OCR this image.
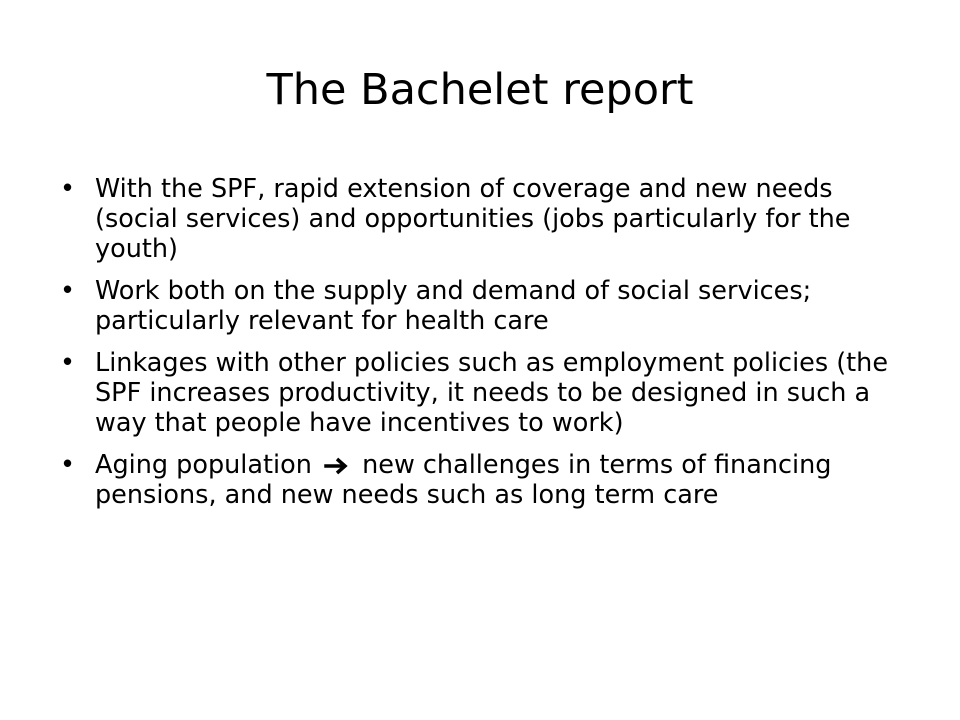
The Bachelet report
• With the SPF, rapid extension of coverage and new needs (social services) and opportunities (jobs particularly for the youth)
• Work both on the supply and demand of social services; particularly relevant for health care
• Linkages with other policies such as employment policies (the SPF increases productivity, it needs to be designed in such a way that people have incentives to work)
• Aging population new challenges in terms of financing pensions, and new needs such as long term care
